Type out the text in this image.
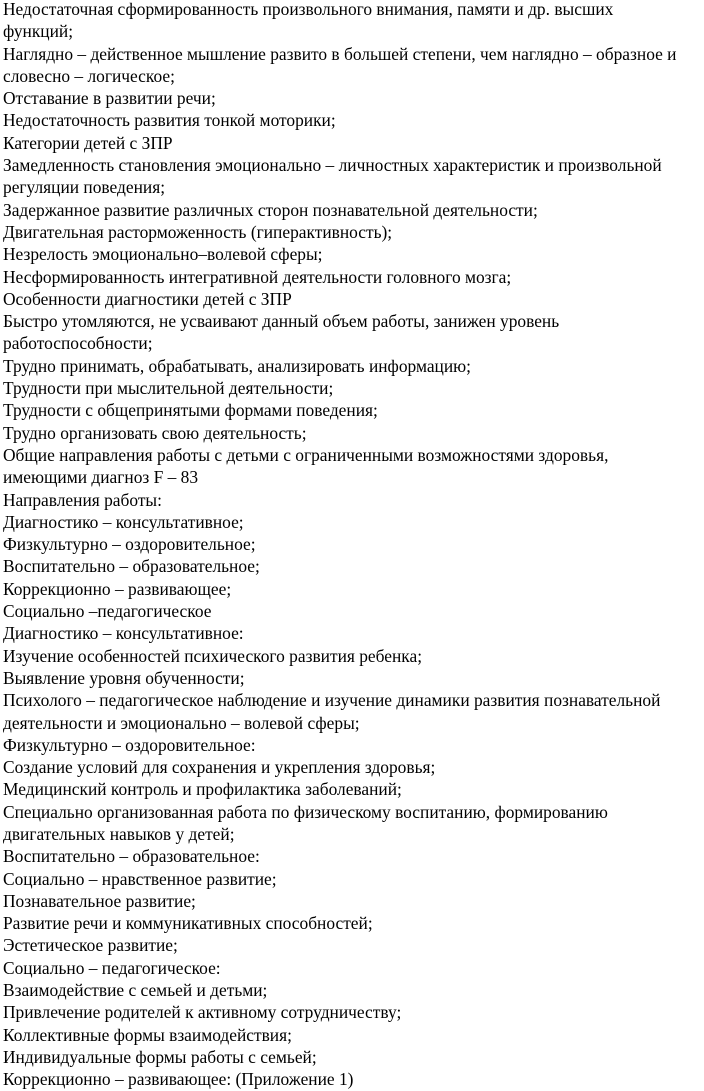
Недостаточная сформированность произвольного внимания, памяти и др. высших
функций;
Наглядно – действенное мышление развито в большей степени, чем наглядно – образное и
словесно – логическое;
Отставание в развитии речи;
Недостаточность развития тонкой моторики;
Категории детей с ЗПР
Замедленность становления эмоционально – личностных характеристик и произвольной
регуляции поведения;
Задержанное развитие различных сторон познавательной деятельности;
Двигательная расторможенность (гиперактивность);
Незрелость эмоционально–волевой сферы;
Несформированность интегративной деятельности головного мозга;
Особенности диагностики детей с ЗПР
Быстро утомляются, не усваивают данный объем работы, занижен уровень
работоспособности;
Трудно принимать, обрабатывать, анализировать информацию;
Трудности при мыслительной деятельности;
Трудности с общепринятыми формами поведения;
Трудно организовать свою деятельность;
Общие направления работы с детьми с ограниченными возможностями здоровья,
имеющими диагноз F – 83
Направления работы:
Диагностико – консультативное;
Физкультурно – оздоровительное;
Воспитательно – образовательное;
Коррекционно – развивающее;
Социально –педагогическое
Диагностико – консультативное:
Изучение особенностей психического развития ребенка;
Выявление уровня обученности;
Психолого – педагогическое наблюдение и изучение динамики развития познавательной
деятельности и эмоционально – волевой сферы;
Физкультурно – оздоровительное:
Создание условий для сохранения и укрепления здоровья;
Медицинский контроль и профилактика заболеваний;
Специально организованная работа по физическому воспитанию, формированию
двигательных навыков у детей;
Воспитательно – образовательное:
Социально – нравственное развитие;
Познавательное развитие;
Развитие речи и коммуникативных способностей;
Эстетическое развитие;
Социально – педагогическое:
Взаимодействие с семьей и детьми;
Привлечение родителей к активному сотрудничеству;
Коллективные формы взаимодействия;
Индивидуальные формы работы с семьей;
Коррекционно – развивающее: (Приложение 1)
